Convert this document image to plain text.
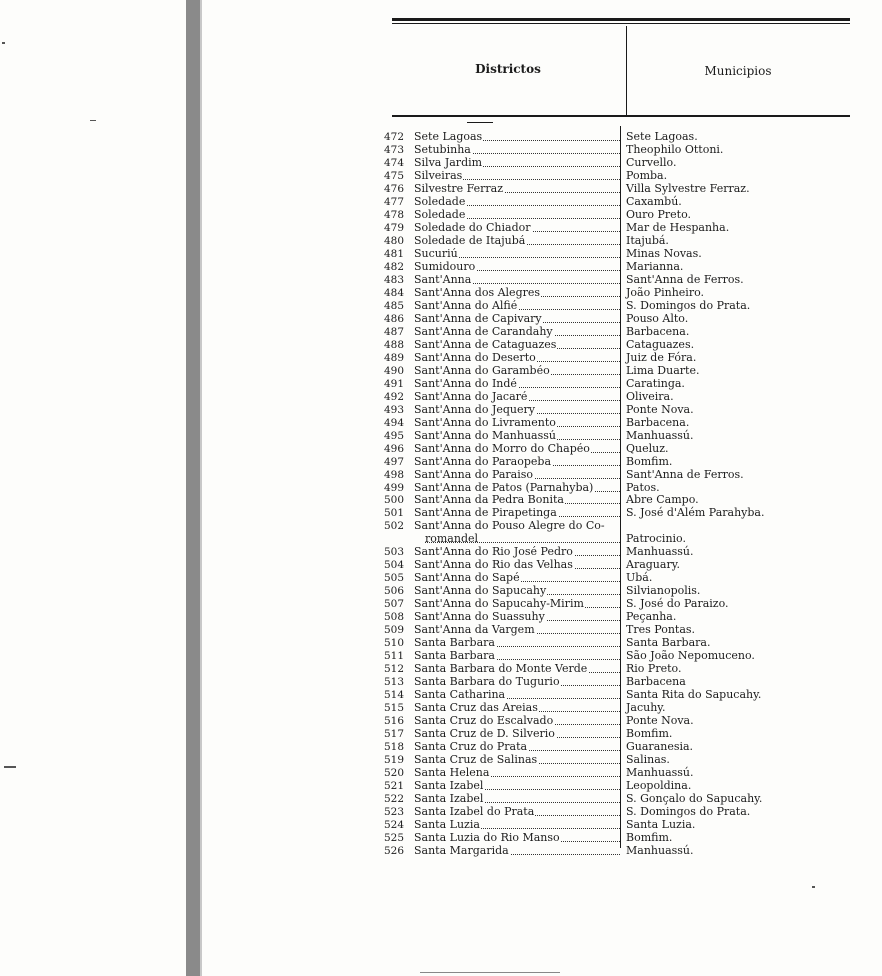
Districtos	Municipios
472 Sete Lagoas	Sete Lagoas.
473 Setubinha	Theophilo Ottoni.
474 Silva Jardim	Curvello.
475 Silveiras	Pomba.
476 Silvestre Ferraz	Villa Sylvestre Ferraz.
477 Soledade	Caxambú.
478 Soledade	Ouro Preto.
479 Soledade do Chiador	Mar de Hespanha.
480 Soledade de Itajubá	Itajubá.
481 Sucuriú	Minas Novas.
482 Sumidouro	Marianna.
483 Sant'Anna	Sant'Anna de Ferros.
484 Sant'Anna dos Alegres	João Pinheiro.
485 Sant'Anna do Alfié	S. Domingos do Prata.
486 Sant'Anna de Capivary	Pouso Alto.
487 Sant'Anna de Carandahy	Barbacena.
488 Sant'Anna de Cataguazes	Cataguazes.
489 Sant'Anna do Deserto	Juiz de Fóra.
490 Sant'Anna do Garambéo	Lima Duarte.
491 Sant'Anna do Indé	Caratinga.
492 Sant'Anna do Jacaré	Oliveira.
493 Sant'Anna do Jequery	Ponte Nova.
494 Sant'Anna do Livramento	Barbacena.
495 Sant'Anna do Manhuassú	Manhuassú.
496 Sant'Anna do Morro do Chapéo	Queluz.
497 Sant'Anna do Paraopeba	Bomfim.
498 Sant'Anna do Paraiso	Sant'Anna de Ferros.
499 Sant'Anna de Patos (Parnahyba)	Patos.
500 Sant'Anna da Pedra Bonita	Abre Campo.
501 Sant'Anna de Pirapetinga	S. José d'Além Parahyba.
502 Sant'Anna do Pouso Alegre do Co-
romandel	Patrocinio.
503 Sant'Anna do Rio José Pedro	Manhuassú.
504 Sant'Anna do Rio das Velhas	Araguary.
505 Sant'Anna do Sapé	Ubá.
506 Sant'Anna do Sapucahy	Silvianopolis.
507 Sant'Anna do Sapucahy-Mirim	S. José do Paraizo.
508 Sant'Anna do Suassuhy	Peçanha.
509 Sant'Anna da Vargem	Tres Pontas.
510 Santa Barbara	Santa Barbara.
511 Santa Barbara	São João Nepomuceno.
512 Santa Barbara do Monte Verde	Rio Preto.
513 Santa Barbara do Tugurio	Barbacena
514 Santa Catharina	Santa Rita do Sapucahy.
515 Santa Cruz das Areias	Jacuhy.
516 Santa Cruz do Escalvado	Ponte Nova.
517 Santa Cruz de D. Silverio	Bomfim.
518 Santa Cruz do Prata	Guaranesia.
519 Santa Cruz de Salinas	Salinas.
520 Santa Helena	Manhuassú.
521 Santa Izabel	Leopoldina.
522 Santa Izabel	S. Gonçalo do Sapucahy.
523 Santa Izabel do Prata	S. Domingos do Prata.
524 Santa Luzia	Santa Luzia.
525 Santa Luzia do Rio Manso	Bomfim.
526 Santa Margarida	Manhuassú.
